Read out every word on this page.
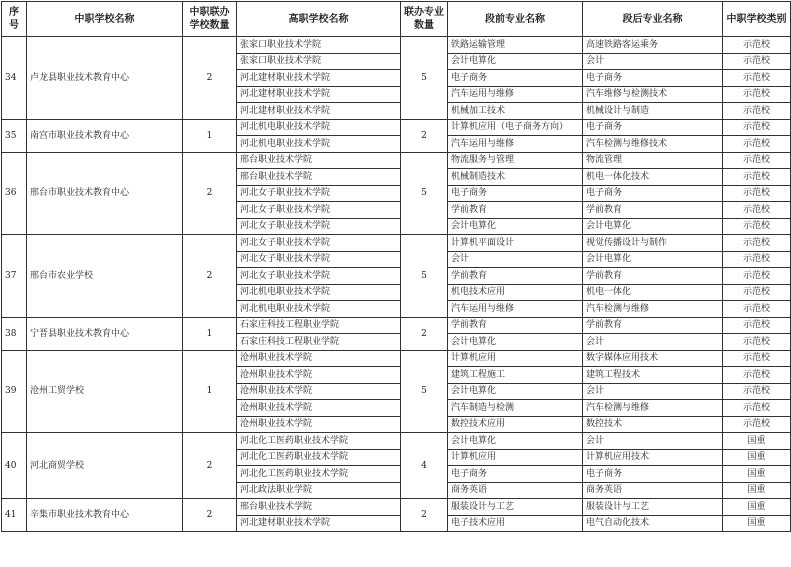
序号	中职学校名称	中职联办学校数量	高职学校名称	联办专业数量	段前专业名称	段后专业名称	中职学校类别
34	卢龙县职业技术教育中心	2	张家口职业技术学院	5	铁路运输管理	高速铁路客运乘务	示范校
			张家口职业技术学院		会计电算化	会计	示范校
			河北建材职业技术学院		电子商务	电子商务	示范校
			河北建材职业技术学院		汽车运用与维修	汽车维修与检测技术	示范校
			河北建材职业技术学院		机械加工技术	机械设计与制造	示范校
35	南宫市职业技术教育中心	1	河北机电职业技术学院	2	计算机应用（电子商务方向）	电子商务	示范校
			河北机电职业技术学院		汽车运用与维修	汽车检测与维修技术	示范校
36	邢台市职业技术教育中心	2	邢台职业技术学院	5	物流服务与管理	物流管理	示范校
			邢台职业技术学院		机械制造技术	机电一体化技术	示范校
			河北女子职业技术学院		电子商务	电子商务	示范校
			河北女子职业技术学院		学前教育	学前教育	示范校
			河北女子职业技术学院		会计电算化	会计电算化	示范校
37	邢台市农业学校	2	河北女子职业技术学院	5	计算机平面设计	视觉传播设计与制作	示范校
			河北女子职业技术学院		会计	会计电算化	示范校
			河北女子职业技术学院		学前教育	学前教育	示范校
			河北机电职业技术学院		机电技术应用	机电一体化	示范校
			河北机电职业技术学院		汽车运用与维修	汽车检测与维修	示范校
38	宁晋县职业技术教育中心	1	石家庄科技工程职业学院	2	学前教育	学前教育	示范校
			石家庄科技工程职业学院		会计电算化	会计	示范校
39	沧州工贸学校	1	沧州职业技术学院	5	计算机应用	数字媒体应用技术	示范校
			沧州职业技术学院		建筑工程施工	建筑工程技术	示范校
			沧州职业技术学院		会计电算化	会计	示范校
			沧州职业技术学院		汽车制造与检测	汽车检测与维修	示范校
			沧州职业技术学院		数控技术应用	数控技术	示范校
40	河北商贸学校	2	河北化工医药职业技术学院	4	会计电算化	会计	国重
			河北化工医药职业技术学院		计算机应用	计算机应用技术	国重
			河北化工医药职业技术学院		电子商务	电子商务	国重
			河北政法职业学院		商务英语	商务英语	国重
41	辛集市职业技术教育中心	2	邢台职业技术学院	2	服装设计与工艺	服装设计与工艺	国重
			河北建材职业技术学院		电子技术应用	电气自动化技术	国重
